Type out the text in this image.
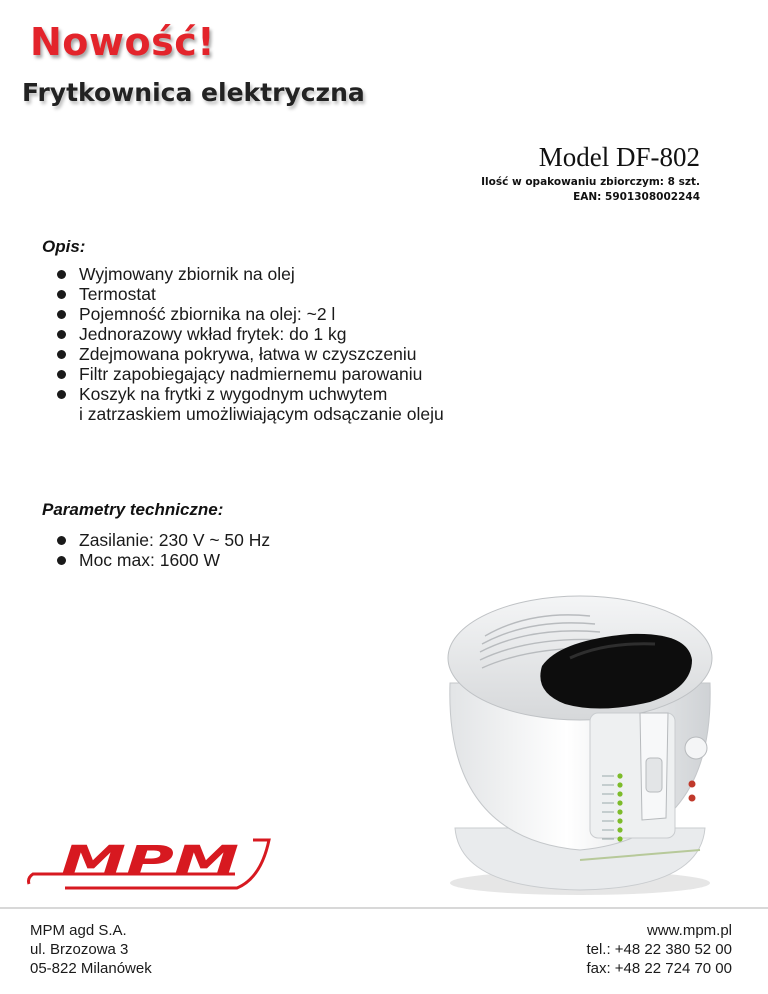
Nowość!
Frytkownica elektryczna
Model DF-802
Ilość w opakowaniu zbiorczym: 8 szt.
EAN: 5901308002244
Opis:
Wyjmowany zbiornik na olej
Termostat
Pojemność zbiornika na olej: ~2 l
Jednorazowy wkład frytek: do 1 kg
Zdejmowana pokrywa, łatwa w czyszczeniu
Filtr zapobiegający nadmiernemu parowaniu
Koszyk na frytki z wygodnym uchwytem
i zatrzaskiem umożliwiającym odsączanie oleju
Parametry techniczne:
Zasilanie: 230 V ~ 50 Hz
Moc max: 1600 W
MPM
MPM agd S.A.
ul. Brzozowa 3
05-822 Milanówek
www.mpm.pl
tel.: +48 22 380 52 00
fax: +48 22 724 70 00
